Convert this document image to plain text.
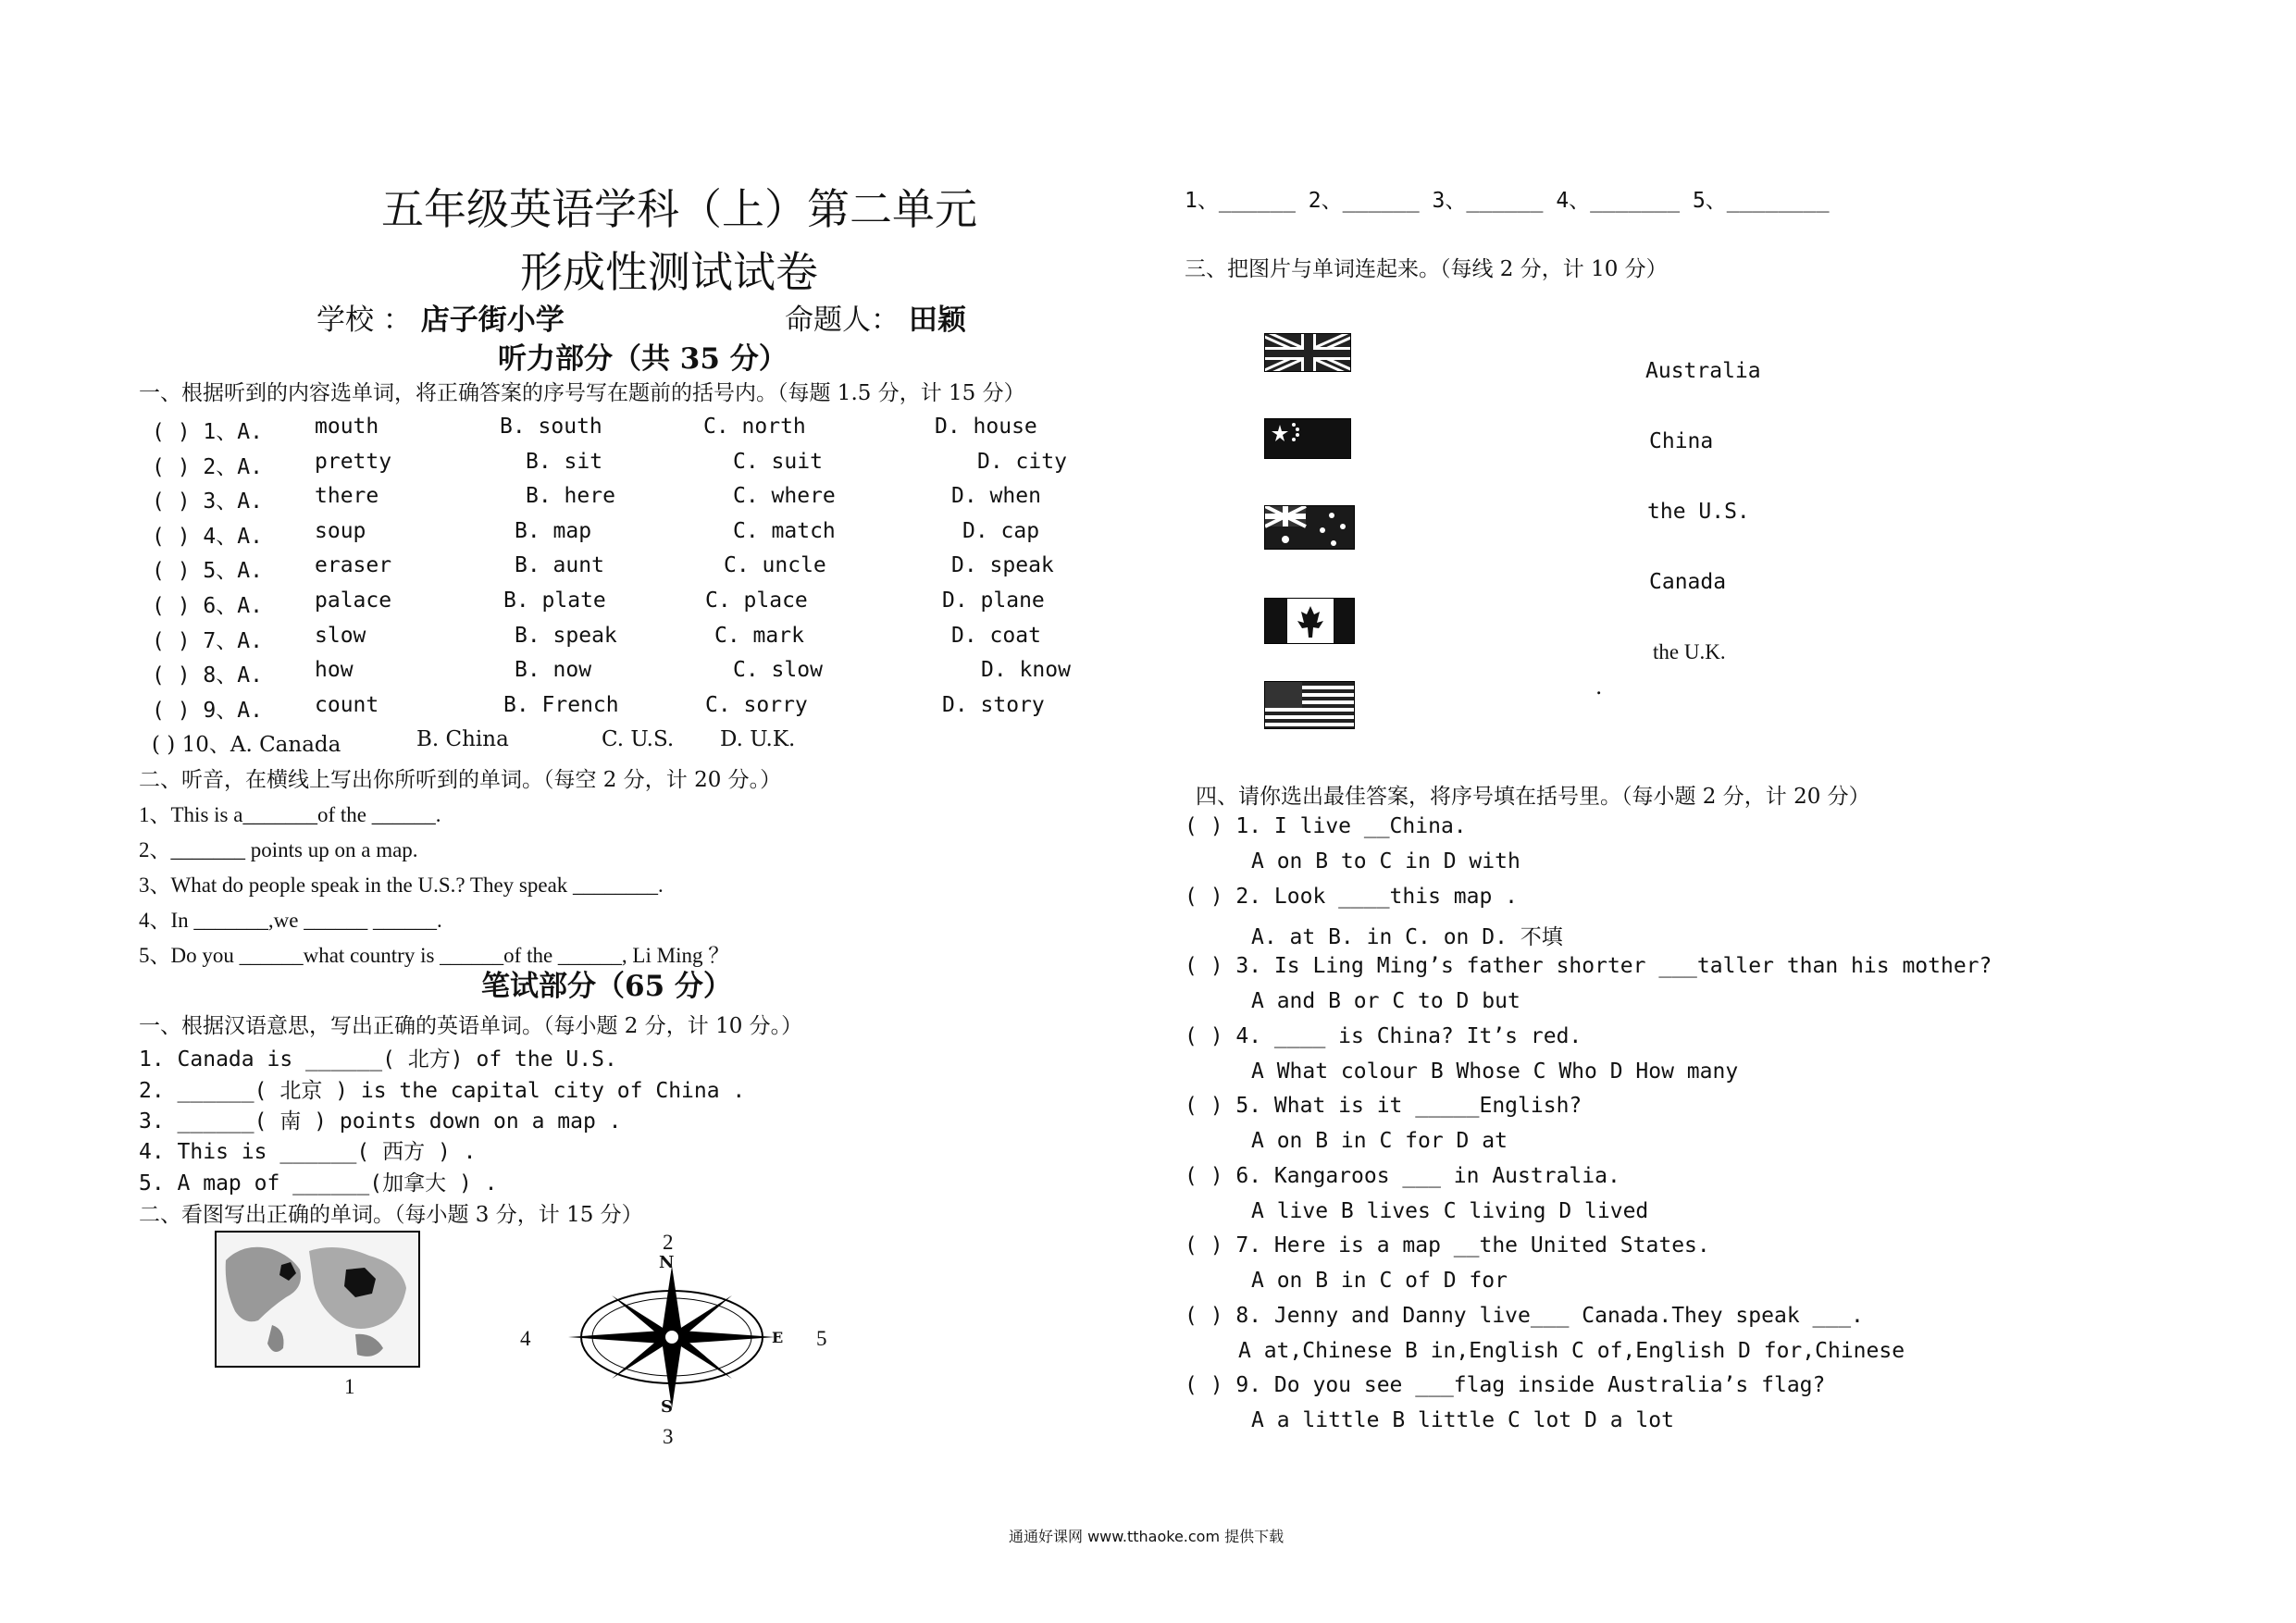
五年级英语学科（上）第二单元
形成性测试试卷
学校 ： 店子街小学	命题人： 田颖
听力部分（共 35 分）
一、根据听到的内容选单词，将正确答案的序号写在题前的括号内。（每题 1.5 分，计 15 分）
( ) 1、A. mouth	B. south	C. north	D. house
( ) 2、A. pretty	B. sit	C. suit	D. city
( ) 3、A. there	B. here	C. where	D. when
( ) 4、A. soup	B. map	C. match	D. cap
( ) 5、A. eraser	B. aunt	C. uncle	D. speak
( ) 6、A. palace	B. plate	C. place	D. plane
( ) 7、A. slow	B. speak	C. mark	D. coat
( ) 8、A. how	B. now	C. slow	D. know
( ) 9、A. count	B. French	C. sorry	D. story
( ) 10、A. Canada	B. China	C. U.S. D. U.K.
二、听音，在横线上写出你所听到的单词。（每空 2 分，计 20 分。）
1、This is a_______of the ______.
2、_______ points up on a map.
3、What do people speak in the U.S.? They speak ________.
4、In _______,we ______ ______.
5、Do you ______what country is ______of the ______, Li Ming ？
笔试部分（65 分）
一、根据汉语意思，写出正确的英语单词。（每小题 2 分，计 10 分。）
1. Canada is ______( 北方) of the U.S.
2. ______( 北京 ) is the capital city of China .
3. ______( 南 ) points down on a map .
4. This is ______( 西方 ) .
5. A map of ______(加拿大 ) .
二、看图写出正确的单词。（每小题 3 分，计 15 分）
1
2
4	5
3
N
S
E
1、______ 2、______ 3、______ 4、_______ 5、________
三、把图片与单词连起来。（每线 2 分，计 10 分）
Australia
China
the U.S.
Canada
the U.K.
.
四、请你选出最佳答案，将序号填在括号里。（每小题 2 分，计 20 分）
( ) 1. I live __China.
A on B to C in D with
( ) 2. Look ____this map .
A. at B. in C. on D. 不填
( ) 3. Is Ling Ming’s father shorter ___taller than his mother?
A and B or C to D but
( ) 4. ____ is China? It’s red.
A What colour B Whose C Who D How many
( ) 5. What is it _____English?
A on B in C for D at
( ) 6. Kangaroos ___ in Australia.
A live B lives C living D lived
( ) 7. Here is a map __the United States.
A on B in C of D for
( ) 8. Jenny and Danny live___ Canada.They speak ___.
A at,Chinese B in,English C of,English D for,Chinese
( ) 9. Do you see ___flag inside Australia’s flag?
A a little B little C lot D a lot
通通好课网 www.tthaoke.com 提供下载
